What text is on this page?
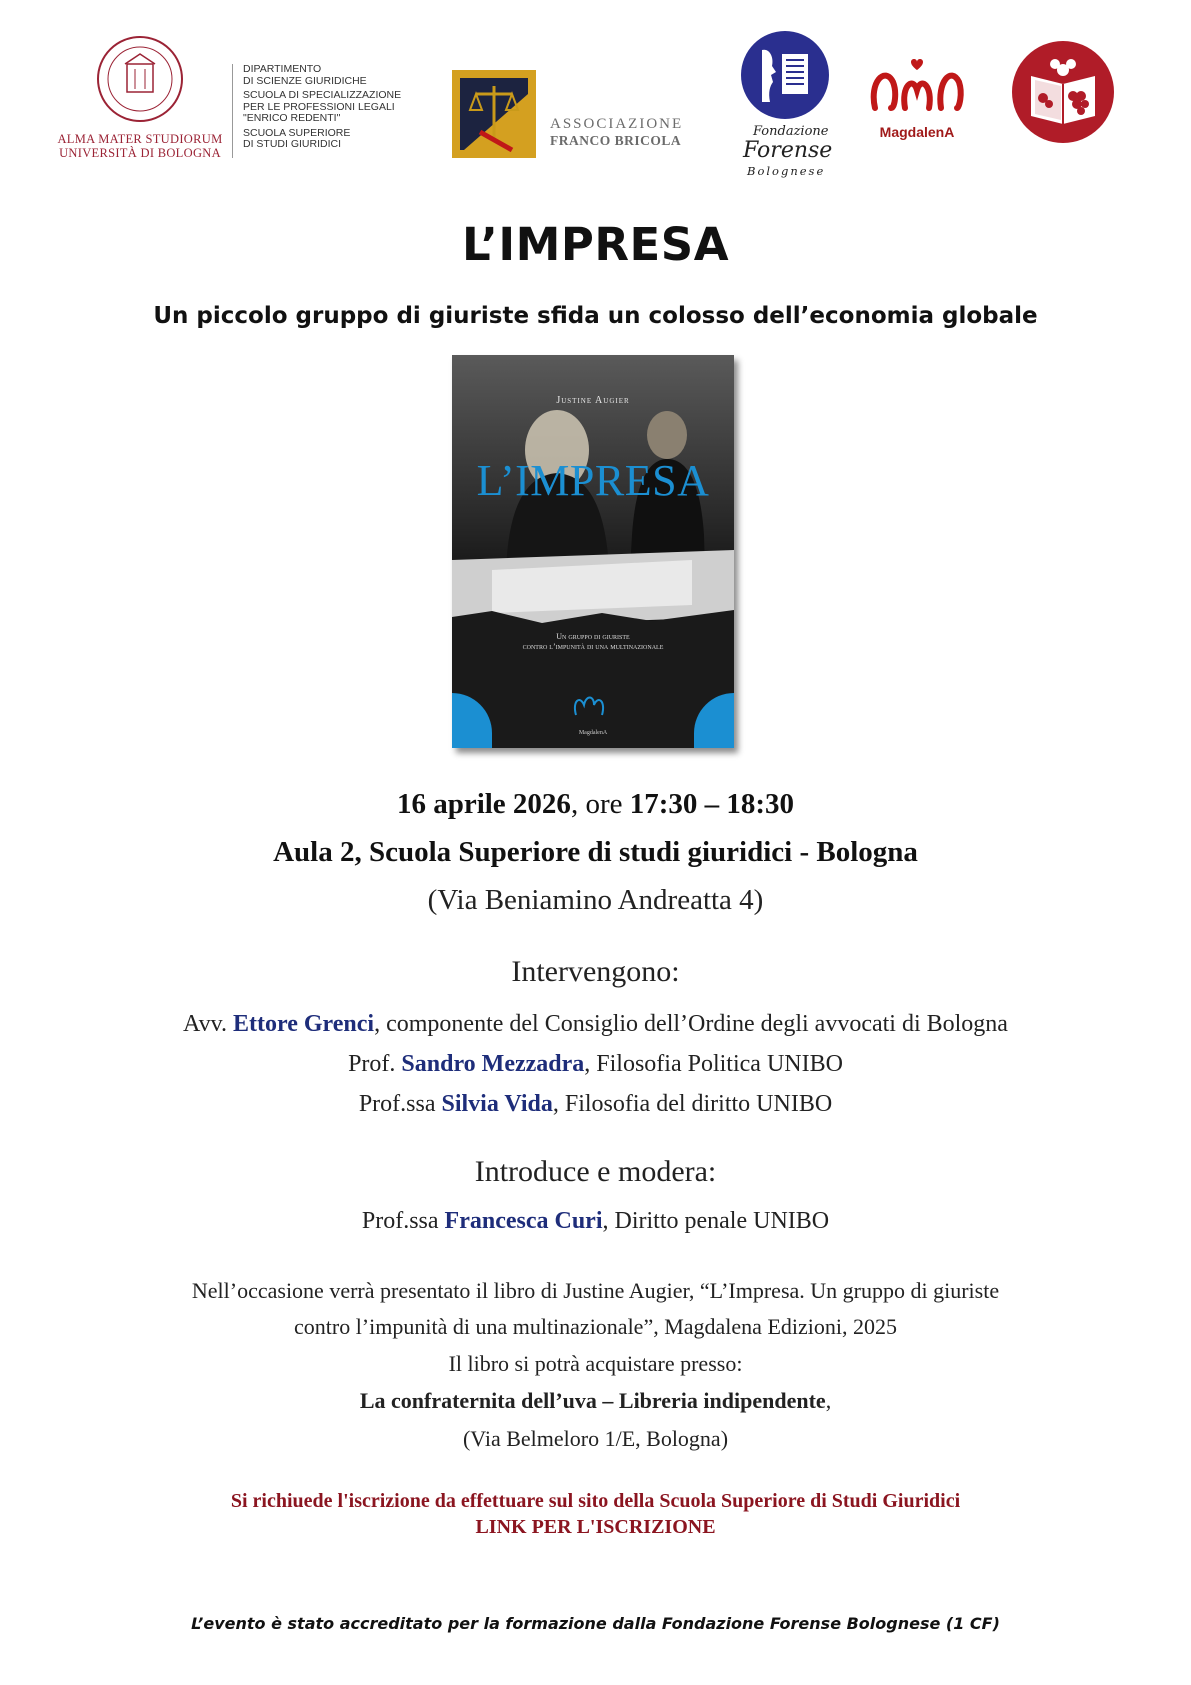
ALMA MATER STUDIORUM
UNIVERSITÀ DI BOLOGNA
DIPARTIMENTO
DI SCIENZE GIURIDICHE
SCUOLA DI SPECIALIZZAZIONE
PER LE PROFESSIONI LEGALI
"ENRICO REDENTI"
SCUOLA SUPERIORE
DI STUDI GIURIDICI
ASSOCIAZIONE
FRANCO BRICOLA
Fondazione
Forense
Bolognese
MagdalenA
L’IMPRESA
Un piccolo gruppo di giuriste sfida un colosso dell’economia globale
Justine Augier
L’IMPRESA
Un gruppo di giuriste
contro l’impunità di una multinazionale
MagdalenA
16 aprile 2026, ore 17:30 – 18:30
Aula 2, Scuola Superiore di studi giuridici - Bologna
(Via Beniamino Andreatta 4)
Intervengono:
Avv. Ettore Grenci, componente del Consiglio dell’Ordine degli avvocati di Bologna
Prof. Sandro Mezzadra, Filosofia Politica UNIBO
Prof.ssa Silvia Vida, Filosofia del diritto UNIBO
Introduce e modera:
Prof.ssa Francesca Curi, Diritto penale UNIBO
Nell’occasione verrà presentato il libro di Justine Augier, “L’Impresa. Un gruppo di giuriste
contro l’impunità di una multinazionale”, Magdalena Edizioni, 2025
Il libro si potrà acquistare presso:
La confraternita dell’uva – Libreria indipendente,
(Via Belmeloro 1/E, Bologna)
Si richiuede l'iscrizione da effettuare sul sito della Scuola Superiore di Studi Giuridici
LINK PER L'ISCRIZIONE
L’evento è stato accreditato per la formazione dalla Fondazione Forense Bolognese (1 CF)
